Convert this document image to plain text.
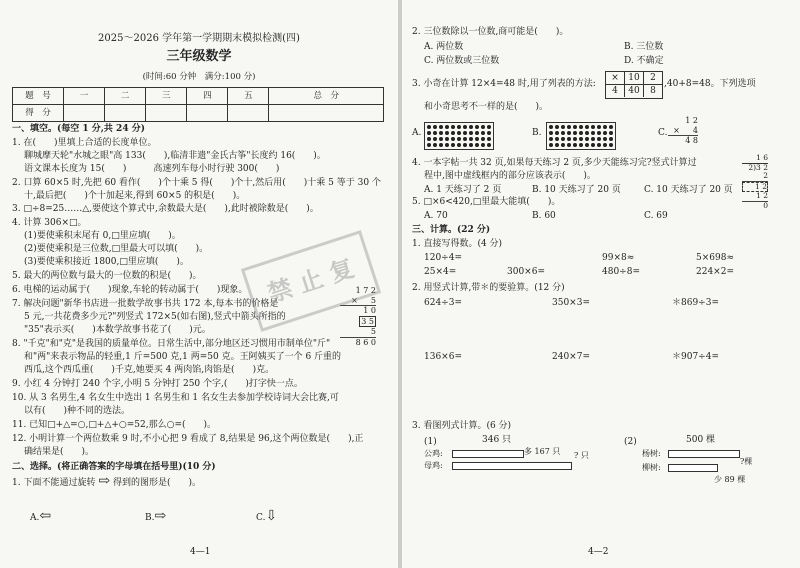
2025～2026 学年第一学期期末模拟检测(四)
三年级数学
(时间:60 分钟　满分:100 分)
题　号	一	二	三	四	五	总　分
得　分						
一、填空。(每空 1 分,共 24 分)
1. 在(　　)里填上合适的长度单位。
聊城摩天轮"水城之眼"高 133(　　),临清非遗"金氏古筝"长度约 16(　　)。
语文课本长度为 15(　　)　　　高速列车每小时行驶 300(　　)
2. 口算 60×5 时,先把 60 看作(　　)个十乘 5 得(　　)个十,然后用(　　)十乘 5 等于 30 个
十,最后把(　　)个十加起来,得到 60×5 的积是(　　)。
3. □÷8=25……△,要使这个算式中,余数最大是(　　),此时被除数是(　　)。
4. 计算 306×□。
(1)要使乘积末尾有 0,□里应填(　　)。
(2)要使乘积是三位数,□里最大可以填(　　)。
(3)要使乘积接近 1800,□里应填(　　)。
5. 最大的两位数与最大的一位数的积是(　　)。
6. 电梯的运动属于(　　)现象,车轮的转动属于(　　)现象。
7. 解决问题"新华书店进一批数学故事书共 172 本,每本书的价格是
5 元,一共花费多少元?"列竖式 172×5(如右图),竖式中箭头所指的
"35"表示买(　　)本数学故事书花了(　　)元。
1 7 2
× 　 5
1 0
3 5
5
8 6 0
禁 止 复
8. "千克"和"克"是我国的质量单位。日常生活中,部分地区还习惯用市制单位"斤"
和"两"来表示物品的轻重,1 斤=500 克,1 两=50 克。王阿姨买了一个 6 斤重的
西瓜,这个西瓜重(　　)千克,她要买 4 两肉馅,肉馅是(　　)克。
9. 小红 4 分钟打 240 个字,小明 5 分钟打 250 个字,(　　)打字快一点。
10. 从 3 名男生,4 名女生中选出 1 名男生和 1 名女生去参加学校诗词大会比赛,可
以有(　　)种不同的选法。
11. 已知□+△=○,□+△+○=52,那么○=(　　)。
12. 小明计算一个两位数乘 9 时,不小心把 9 看成了 8,结果是 96,这个两位数是(　　),正
确结果是(　　)。
二、选择。(将正确答案的字母填在括号里)(10 分)
1. 下面不能通过旋转 ⇨ 得到的图形是(　　)。
A.⇦	B.⇨	C.⇩
4—1
2. 三位数除以一位数,商可能是(　　)。
A. 两位数	B. 三位数
C. 两位数或三位数	D. 不确定
3. 小奇在计算 12×4=48 时,用了列表的方法:
×	10	2
4	40	8
,40+8=48。下列选项
和小奇思考不一样的是(　　)。
A.	B.	C.
1 2
× 　 4
4 8
4. 一本字帖一共 32 页,如果每天练习 2 页,多少天能练习完?竖式计算过
程中,图中虚线框内的部分应该表示(　　)。
A. 1 天练习了 2 页	B. 10 天练习了 20 页	C. 10 天练习了 20 页
1 6
2)3 2
2
1 2
1 2
0
5. □×6<420,□里最大能填(　　)。
A. 70	B. 60	C. 69
三、计算。(22 分)
1. 直接写得数。(4 分)
120÷4=	99×8≈	5×698≈
25×4=	300×6=	480÷8=	224×2=
2. 用竖式计算,带＊的要验算。(12 分)
624÷3=	350×3=	＊869÷3=
136×6=	240×7=	＊907÷4=
3. 看图列式计算。(6 分)
(1)	346 只
公鸡:
母鸡:
多 167 只 ? 只
(2)	500 棵
杨树:
柳树:
少 89 棵
?棵
4—2
